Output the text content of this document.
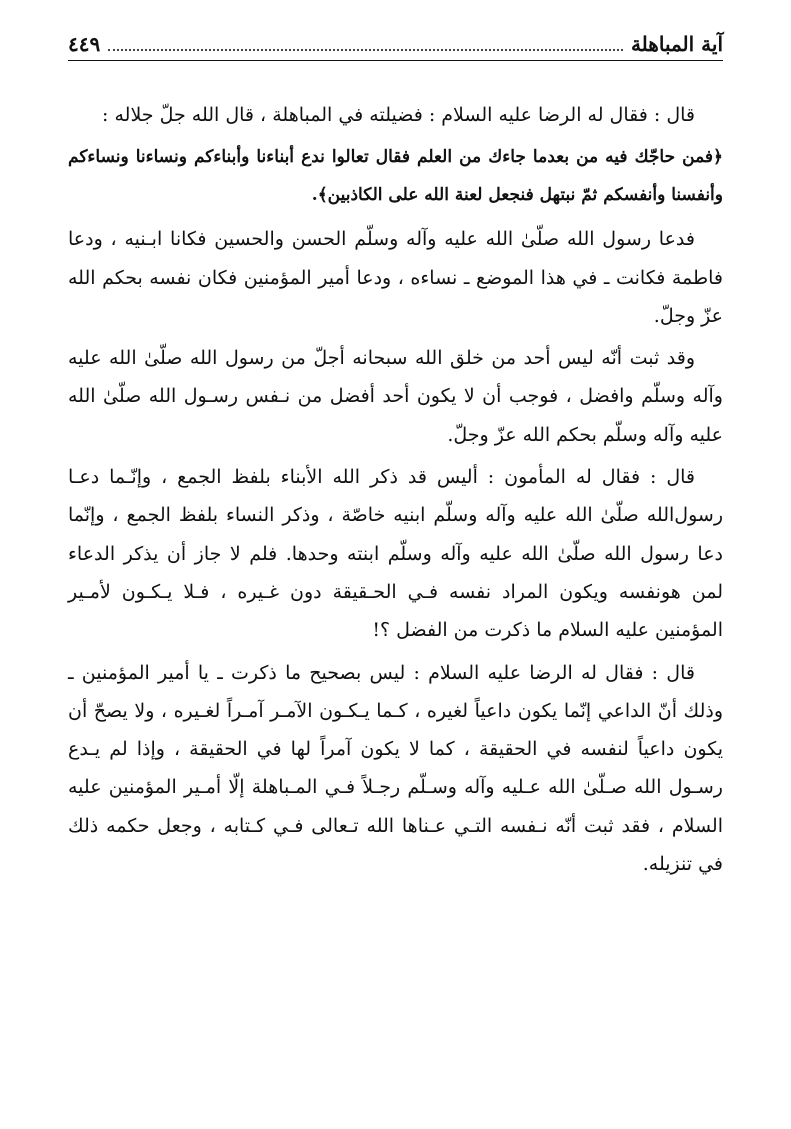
آية المباهلة
٤٤٩

قال : فقال له الرضا عليه السلام : فضيلته في المباهلة ، قال الله جلّ جلاله :

﴿فمن حاجّك فيه من بعدما جاءك من العلم فقال تعالوا ندع أبناءنا وأبناءكم ونساءنا ونساءكم وأنفسنا وأنفسكم ثمّ نبتهل فنجعل لعنة الله على الكاذبين﴾.

فدعا رسول الله صلّىٰ الله عليه وآله وسلّم الحسن والحسين فكانا ابـنيه ، ودعا فاطمة فكانت ـ في هذا الموضع ـ نساءه ، ودعا أمير المؤمنين فكان نفسه بحكم الله عزّ وجلّ.

وقد ثبت أنّه ليس أحد من خلق الله سبحانه أجلّ من رسول الله صلّىٰ الله عليه وآله وسلّم وافضل ، فوجب أن لا يكون أحد أفضل من نـفس رسـول الله صلّىٰ الله عليه وآله وسلّم بحكم الله عزّ وجلّ.

قال : فقال له المأمون : أليس قد ذكر الله الأبناء بلفظ الجمع ، وإنّـما دعـا رسول‌الله صلّىٰ الله عليه وآله وسلّم ابنيه خاصّة ، وذكر النساء بلفظ الجمع ، وإنّما دعا رسول الله صلّىٰ الله عليه وآله وسلّم ابنته وحدها. فلم لا جاز أن يذكر الدعاء لمن هونفسه ويكون المراد نفسه فـي الحـقيقة دون غـيره ، فـلا يـكـون لأمـير المؤمنين عليه السلام ما ذكرت من الفضل ؟!

قال : فقال له الرضا عليه السلام : ليس بصحيح ما ذكرت ـ يا أمير المؤمنين ـ وذلك أنّ الداعي إنّما يكون داعياً لغيره ، كـما يـكـون الآمـر آمـراً لغـيره ، ولا يصحّ أن يكون داعياً لنفسه في الحقيقة ، كما لا يكون آمراً لها في الحقيقة ، وإذا لم يـدع رسـول الله صـلّىٰ الله عـليه وآله وسـلّم رجـلاً فـي المـباهلة إلّا أمـير المؤمنين عليه السلام ، فقد ثبت أنّه نـفسه التـي عـناها الله تـعالى فـي كـتابه ، وجعل حكمه ذلك في تنزيله.
